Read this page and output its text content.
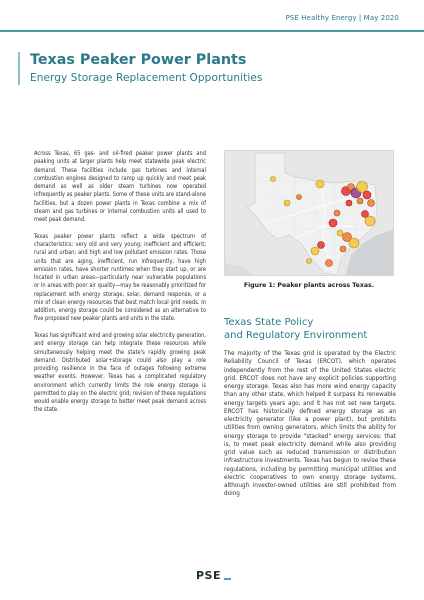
PSE Healthy Energy | May 2020
Texas Peaker Power Plants
Energy Storage Replacement Opportunities

Across Texas, 65 gas- and oil-fired peaker power plants and peaking units at larger plants help meet statewide peak electric demand. These facilities include gas turbines and internal combustion engines designed to ramp up quickly and meet peak demand as well as older steam turbines now operated infrequently as peaker plants. Some of these units are stand-alone facilities, but a dozen power plants in Texas combine a mix of steam and gas turbines or internal combustion units all used to meet peak demand.

Texas peaker power plants reflect a wide spectrum of characteristics: very old and very young; inefficient and efficient; rural and urban; and high and low pollutant emission rates. Those units that are aging, inefficient, run infrequently, have high emission rates, have shorter runtimes when they start up, or are located in urban areas—particularly near vulnerable populations or in areas with poor air quality—may be reasonably prioritized for replacement with energy storage, solar, demand response, or a mix of clean energy resources that best match local grid needs. In addition, energy storage could be considered as an alternative to five proposed new peaker plants and units in the state.

Texas has significant wind and growing solar electricity generation, and energy storage can help integrate these resources while simultaneously helping meet the state's rapidly growing peak demand. Distributed solar+storage could also play a role providing resilience in the face of outages following extreme weather events. However, Texas has a complicated regulatory environment which currently limits the role energy storage is permitted to play on the electric grid; revision of these regulations would enable energy storage to better meet peak demand across the state.

Figure 1: Peaker plants across Texas.
Texas State Policy
and Regulatory Environment
The majority of the Texas grid is operated by the Electric Reliability Council of Texas (ERCOT), which operates independently from the rest of the United States electric grid. ERCOT does not have any explicit policies supporting energy storage. Texas also has more wind energy capacity than any other state, which helped it surpass its renewable energy targets years ago, and it has not set new targets. ERCOT has historically defined energy storage as an electricity generator (like a power plant), but prohibits utilities from owning generators, which limits the ability for energy storage to provide "stacked" energy services: that is, to meet peak electricity demand while also providing grid value such as reduced transmission or distribution infrastructure investments. Texas has begun to revise these regulations, including by permitting municipal utilities and electric cooperatives to own energy storage systems, although investor-owned utilities are still prohibited from doing
PSE
